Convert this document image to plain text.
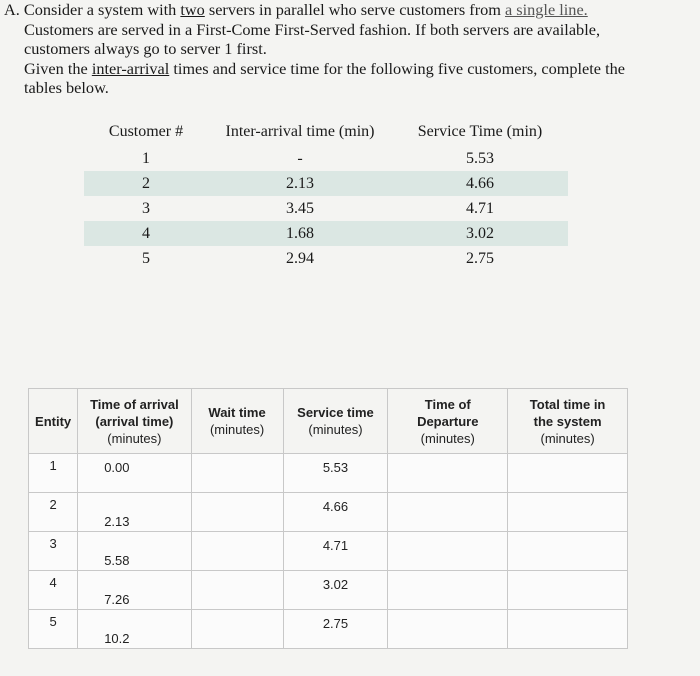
A. Consider a system with two servers in parallel who serve customers from a single line.

Customers are served in a First-Come First-Served fashion. If both servers are available,

customers always go to server 1 first.

Given the inter-arrival times and service time for the following five customers, complete the

tables below.

Customer #	Inter-arrival time (min)	Service Time (min)
1	-	5.53
2	2.13	4.66
3	3.45	4.71
4	1.68	3.02
5	2.94	2.75
Entity	Time of arrival
(arrival time)
(minutes)	Wait time
(minutes)	Service time
(minutes)	Time of
Departure
(minutes)	Total time in
the system
(minutes)

1	0.00		5.53		
2	2.13		4.66		
3	5.58		4.71		
4	7.26		3.02		
5	10.2		2.75		
